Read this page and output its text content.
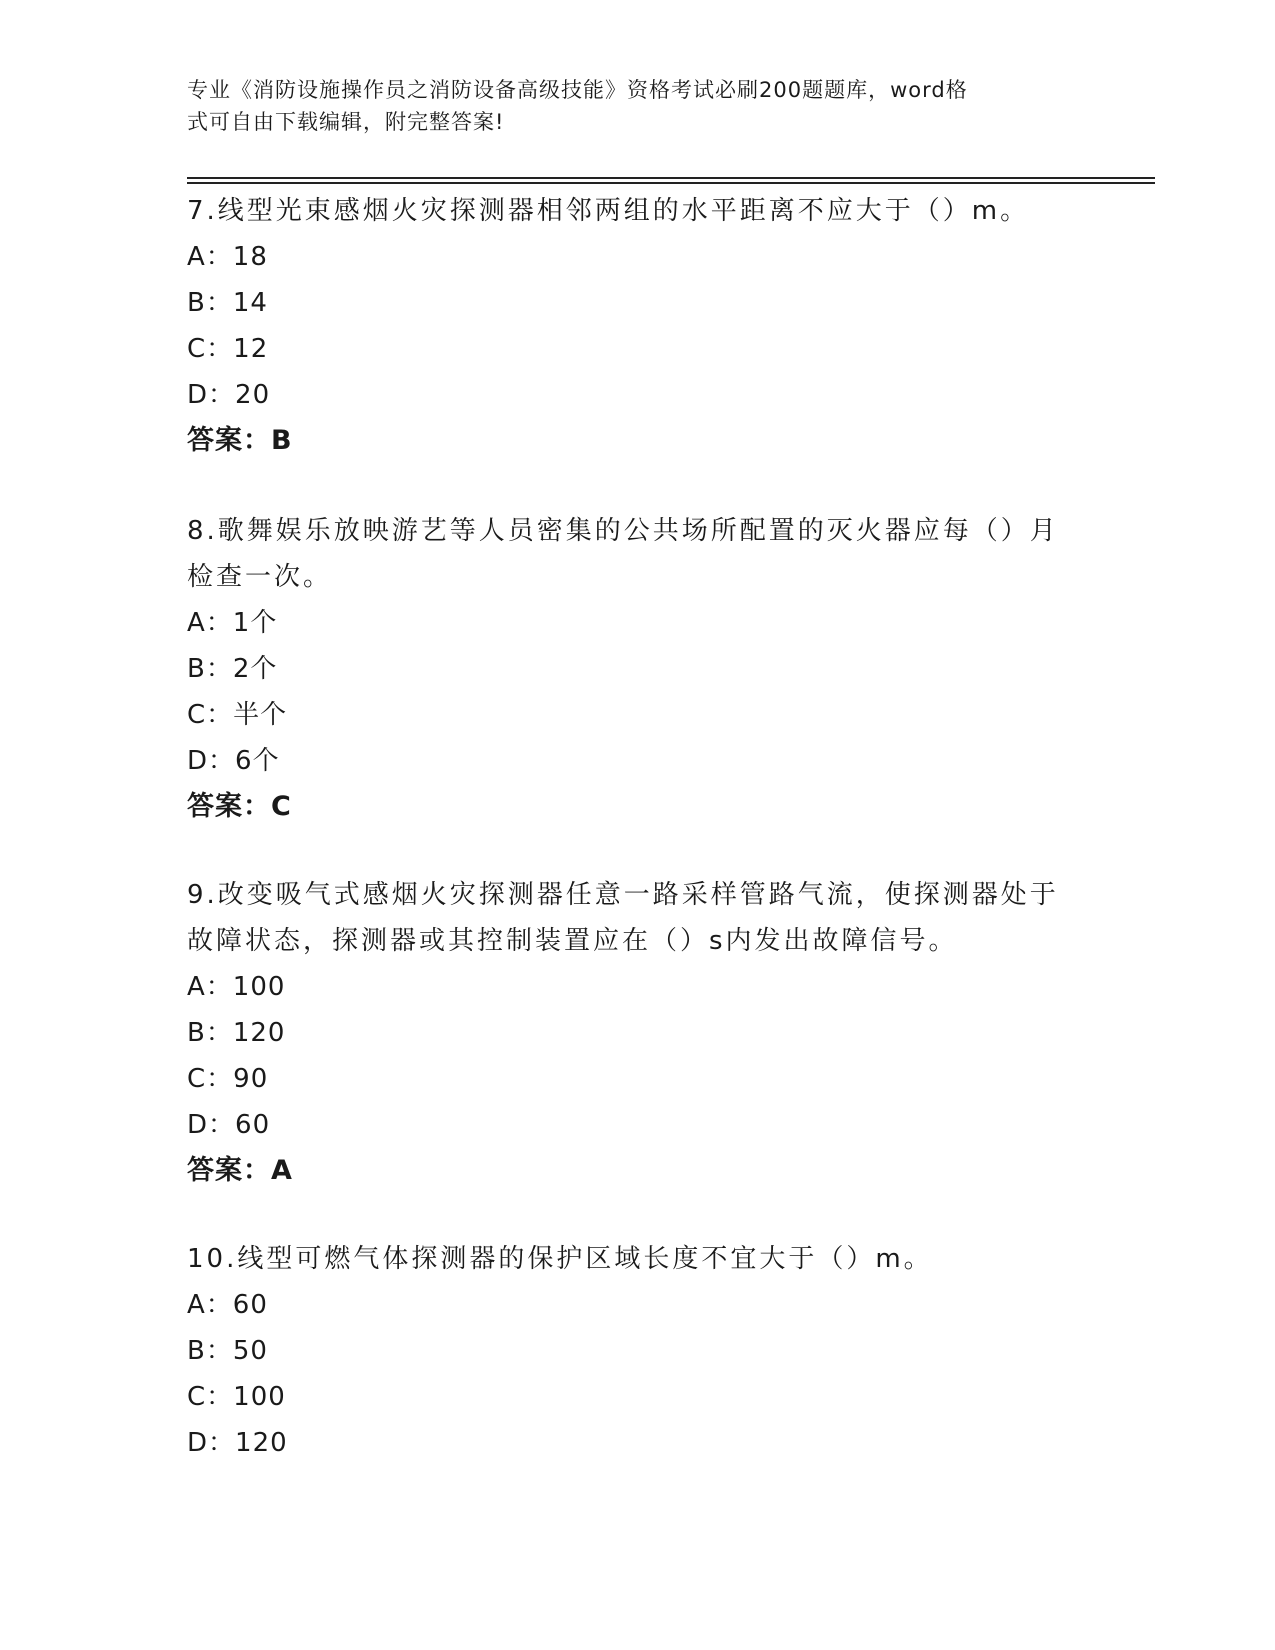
专业《消防设施操作员之消防设备高级技能》资格考试必刷200题题库，word格
式可自由下载编辑，附完整答案!

7.线型光束感烟火灾探测器相邻两组的水平距离不应大于（）m。

A：18

B：14

C：12

D：20

答案：B

8.歌舞娱乐放映游艺等人员密集的公共场所配置的灭火器应每（）月

检查一次。

A：1个

B：2个

C：半个

D：6个

答案：C

9.改变吸气式感烟火灾探测器任意一路采样管路气流，使探测器处于

故障状态，探测器或其控制装置应在（）s内发出故障信号。

A：100

B：120

C：90

D：60

答案：A

10.线型可燃气体探测器的保护区域长度不宜大于（）m。

A：60

B：50

C：100

D：120
